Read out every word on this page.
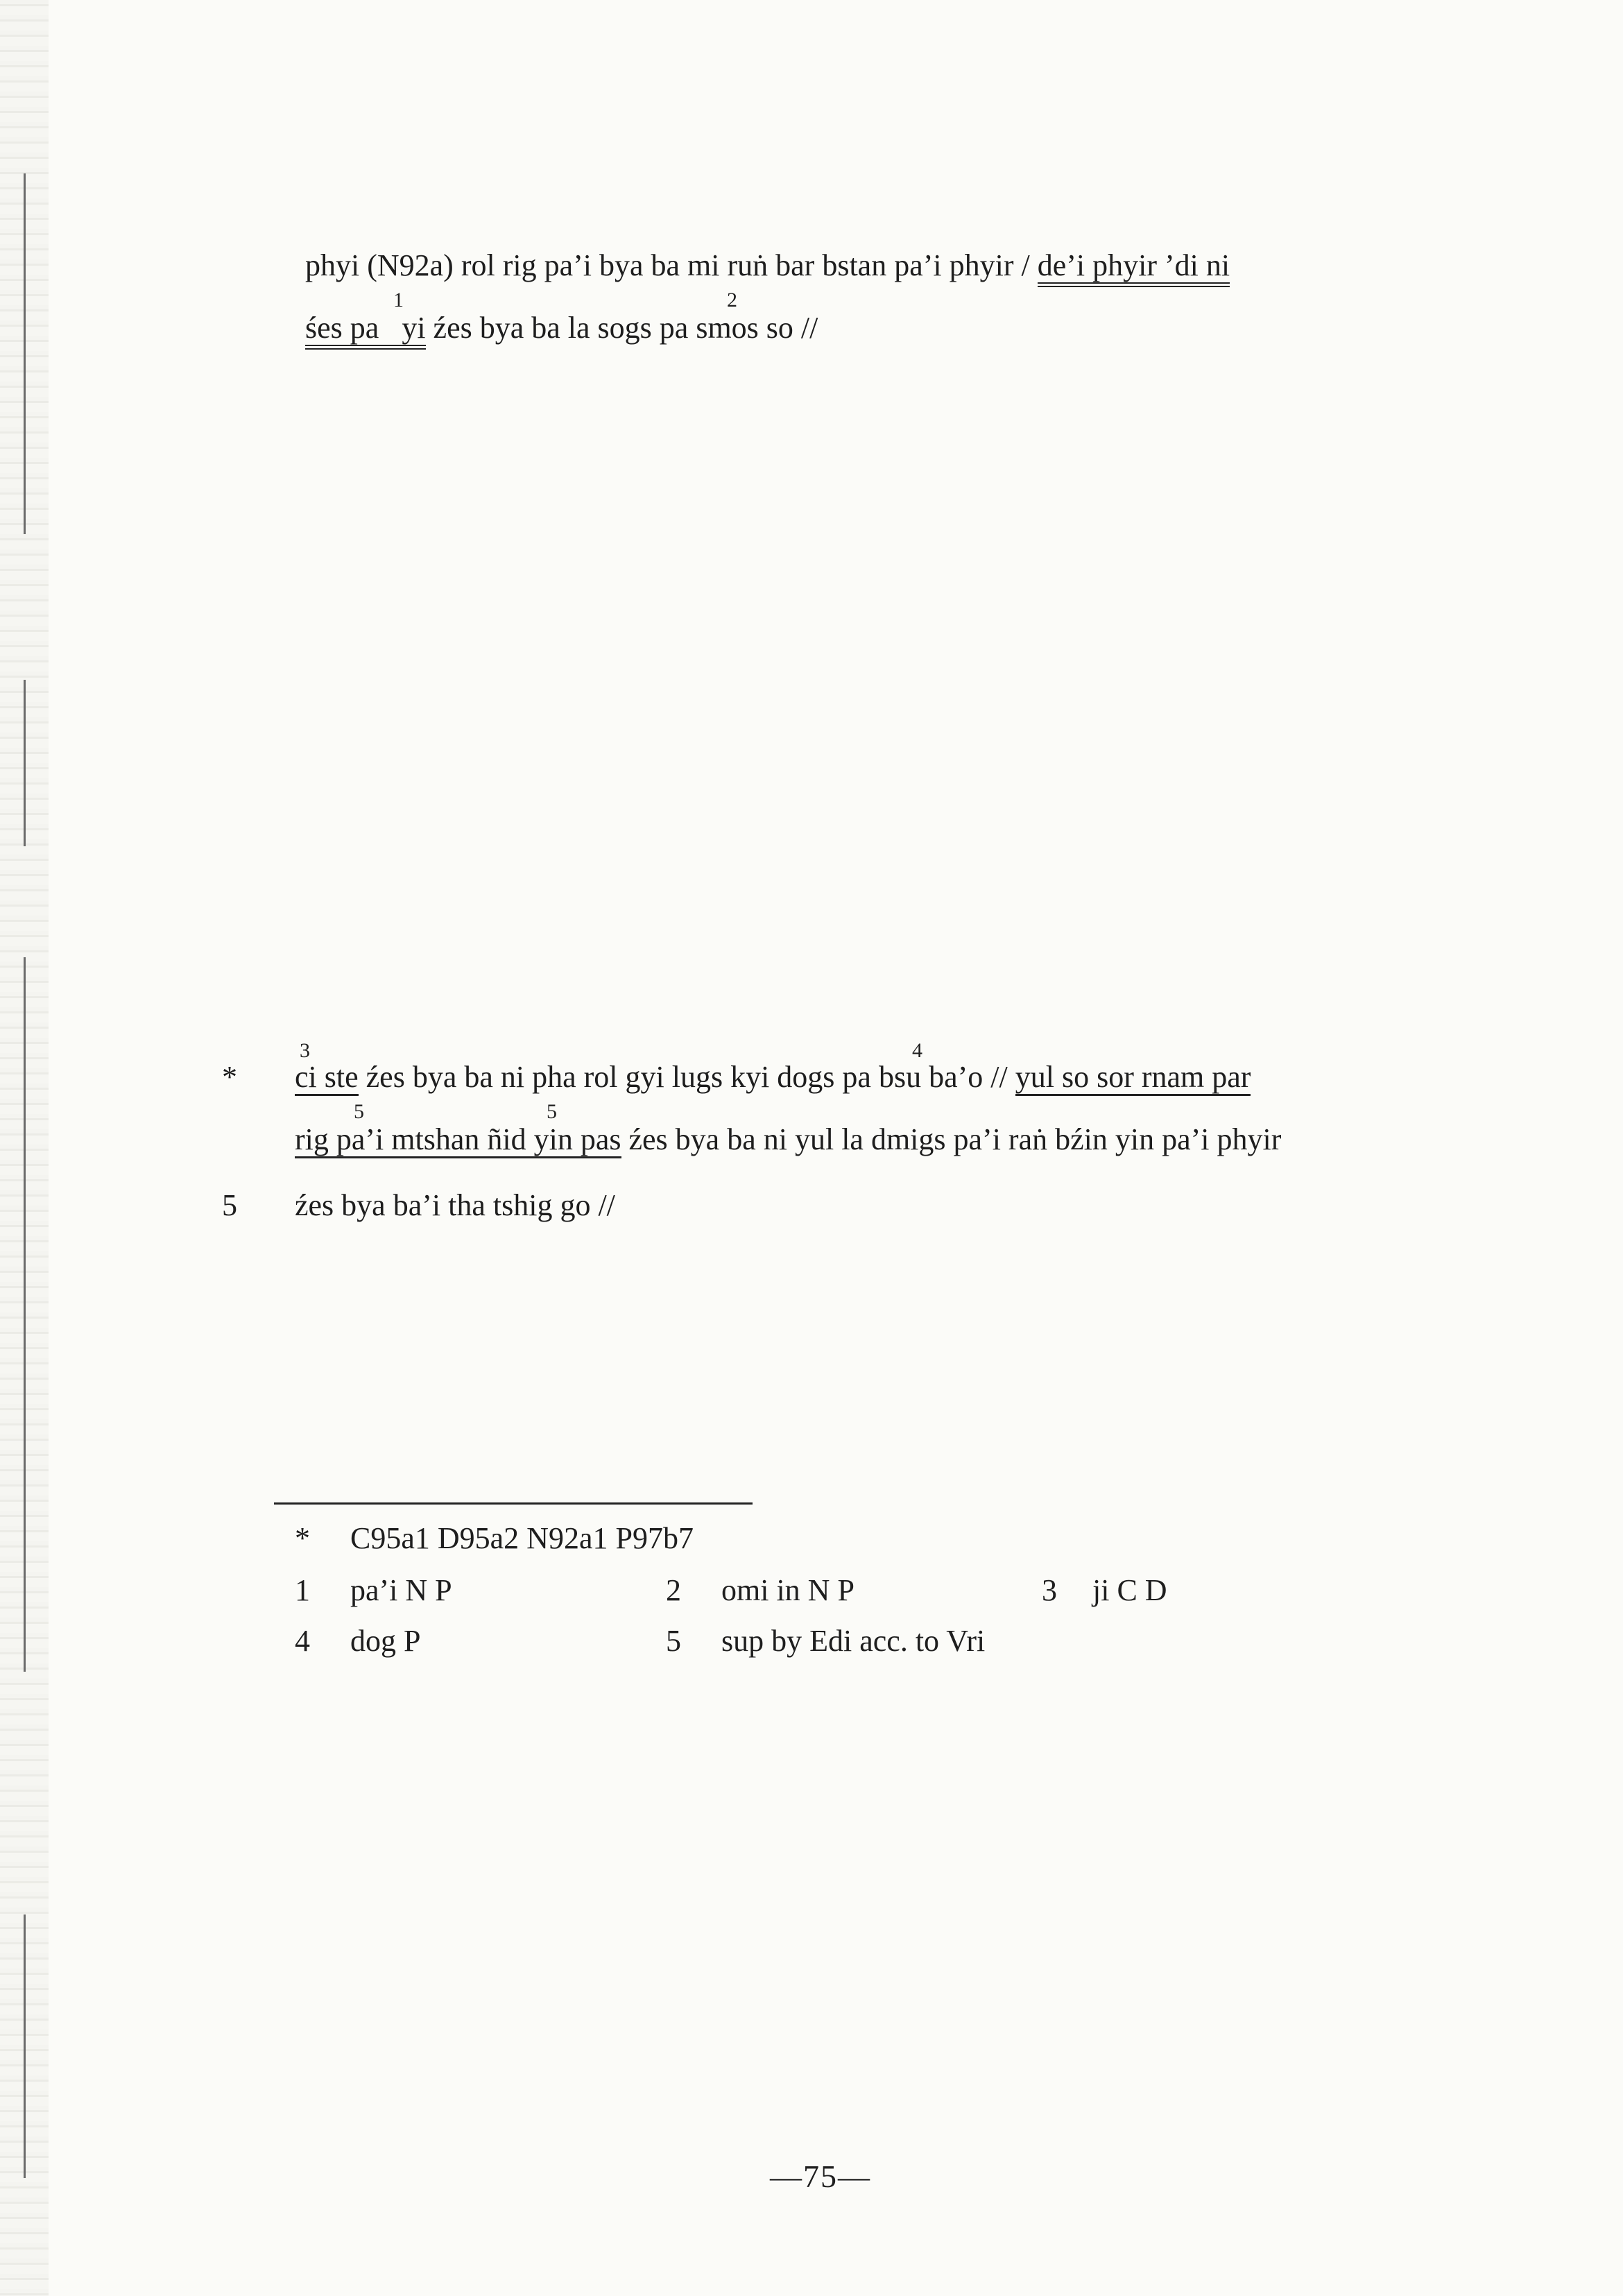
phyi (N92a) rol rig pa’i bya ba mi ruṅ bar bstan pa’i phyir / de’i phyir ’di ni
1	2
śes pa yi źes bya ba la sogs pa smos so //
*
3	4
ci ste źes bya ba ni pha rol gyi lugs kyi dogs pa bsu ba’o // yul so sor rnam par
5	5
rig pa’i mtshan ñid yin pas źes bya ba ni yul la dmigs pa’i raṅ bźin yin pa’i phyir
5 źes bya ba’i tha tshig go //
* C95a1 D95a2 N92a1 P97b7
1 pa’i N P	2 omi in N P	3 ji C D
4 dog P	5 sup by Edi acc. to Vri
—75—
